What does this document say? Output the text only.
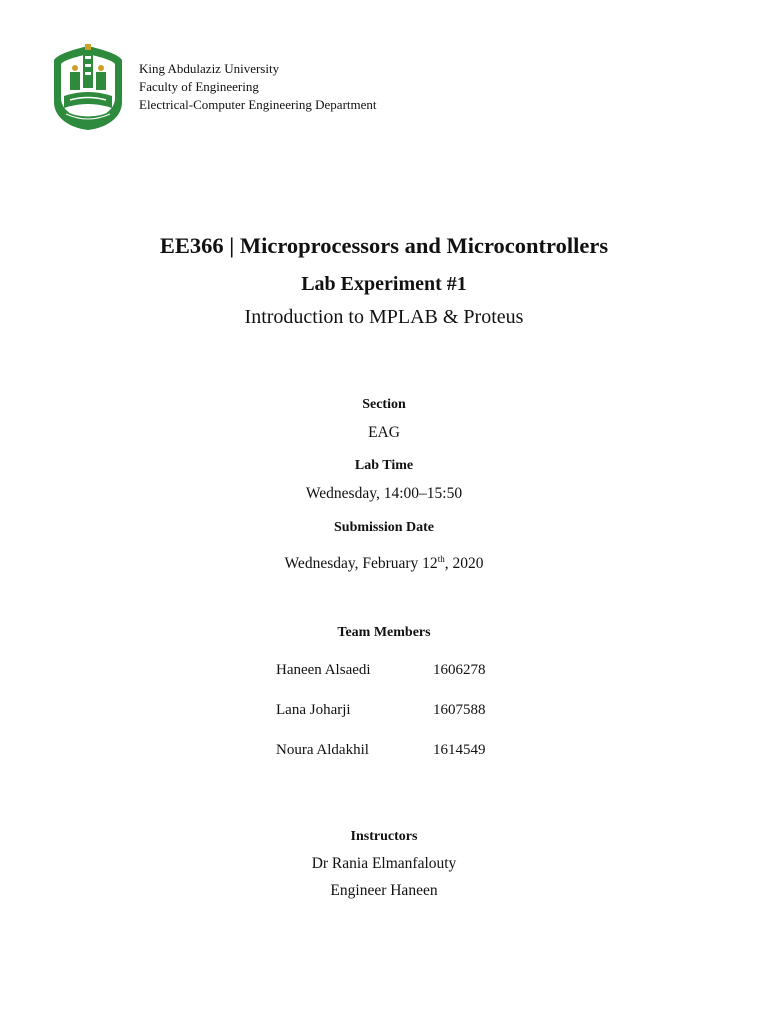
King Abdulaziz University
Faculty of Engineering
Electrical-Computer Engineering Department
EE366 | Microprocessors and Microcontrollers
Lab Experiment #1
Introduction to MPLAB & Proteus
Section
EAG
Lab Time
Wednesday, 14:00–15:50
Submission Date
Wednesday, February 12th, 2020
Team Members
Haneen Alsaedi	1606278
Lana Joharji	1607588
Noura Aldakhil	1614549
Instructors
Dr Rania Elmanfalouty
Engineer Haneen
